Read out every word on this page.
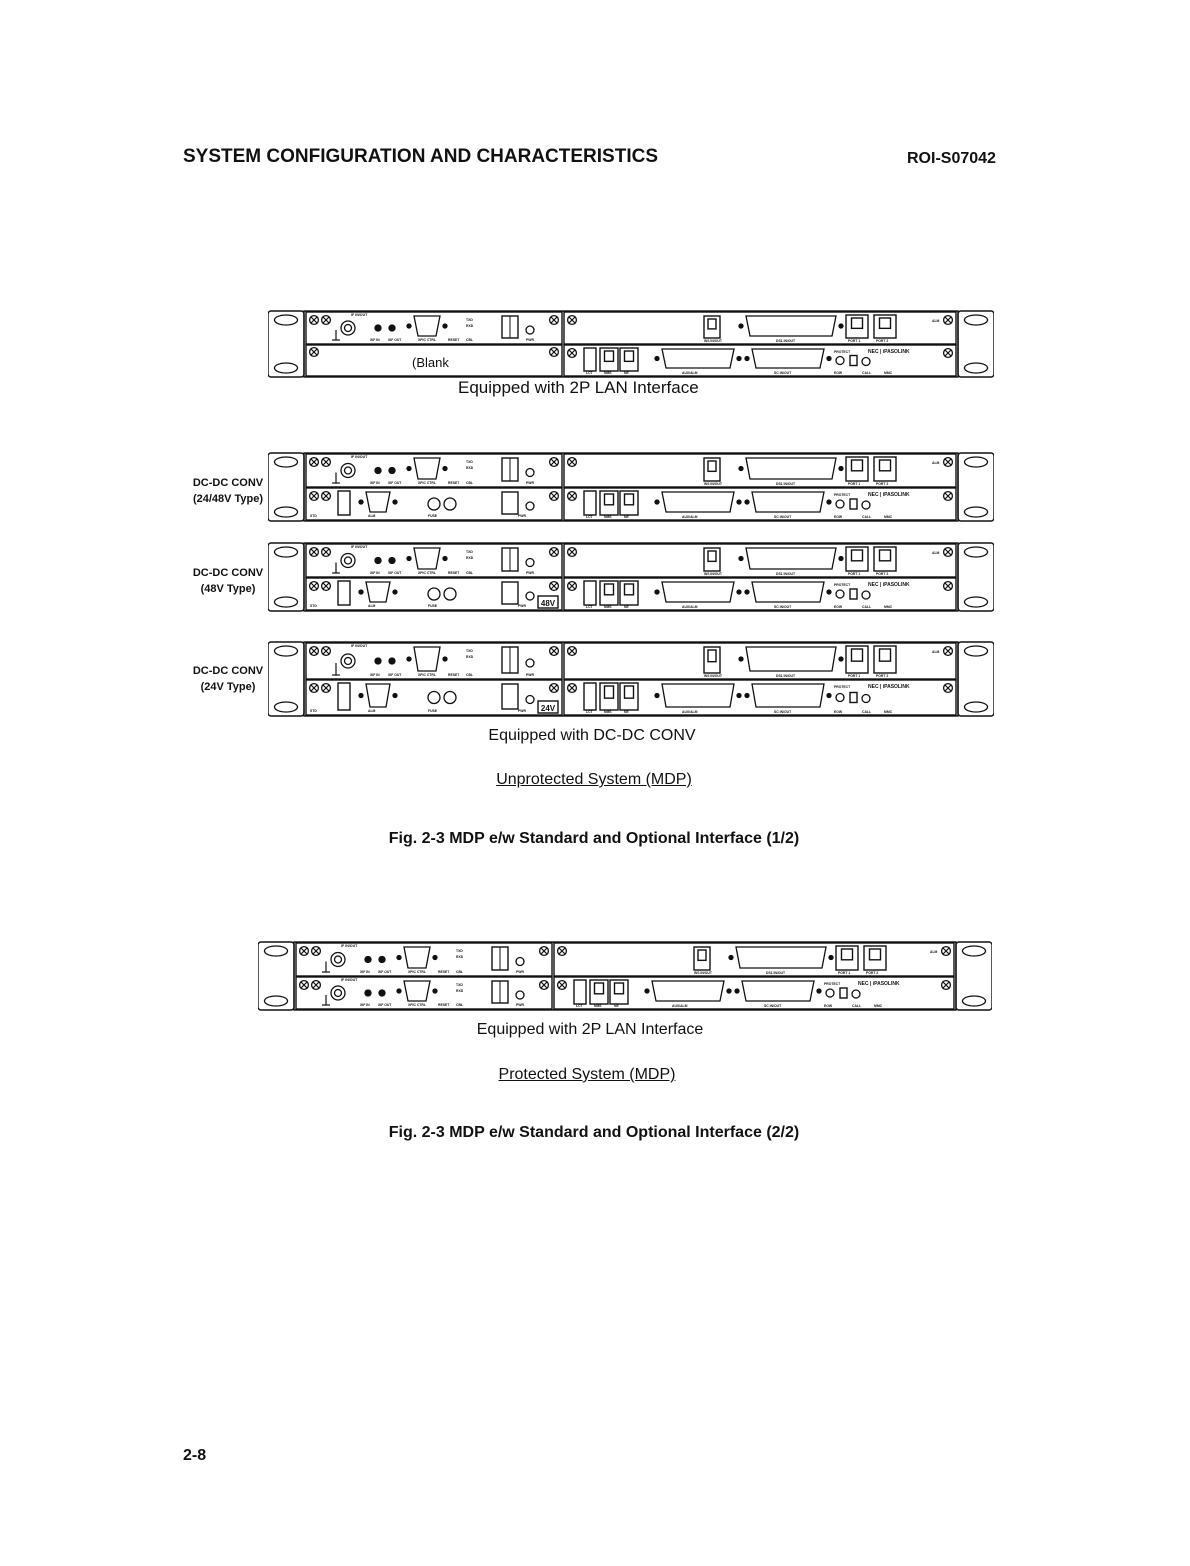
SYSTEM CONFIGURATION AND CHARACTERISTICS	ROI-S07042
IF IN/OUT
XIF IN XIF OUT	XPIC CTRL	RESET
TXD
RXD
CBL	PWR	WS IN/OUT	DS1 IN/OUT	PORT 1	PORT 2
ALM
LCT	NMS	NE	AUX/ALM	SC IN/OUT
PROTECT	NEC | iPASOLINK
EOW	CALL	MMC
(Blank
Equipped with 2P LAN Interface
DC-DC CONV
(24/48V Type)
IF IN/OUT
XIF IN XIF OUT	XPIC CTRL	RESET
TXD
RXD
CBL	PWR
STD	ALM	FUSE	PWR
WS IN/OUT	DS1 IN/OUT	PORT 1	PORT 2
ALM
LCT	NMS	NE	AUX/ALM	SC IN/OUT
PROTECT	NEC | iPASOLINK
EOW	CALL	MMC
DC-DC CONV
(48V Type)
IF IN/OUT
XIF IN XIF OUT	XPIC CTRL	RESET
TXD
RXD
CBL	PWR
STD	ALM	FUSE	PWR 48V
WS IN/OUT	DS1 IN/OUT	PORT 1	PORT 2
ALM
LCT	NMS	NE	AUX/ALM	SC IN/OUT
PROTECT	NEC | iPASOLINK
EOW	CALL	MMC
DC-DC CONV
(24V Type)
IF IN/OUT
XIF IN XIF OUT	XPIC CTRL	RESET
TXD
RXD
CBL	PWR
STD	ALM	FUSE	PWR 24V
WS IN/OUT	DS1 IN/OUT	PORT 1	PORT 2
ALM
LCT	NMS	NE	AUX/ALM	SC IN/OUT
PROTECT	NEC | iPASOLINK
EOW	CALL	MMC
Equipped with DC-DC CONV
Unprotected System (MDP)
Fig. 2-3 MDP e/w Standard and Optional Interface (1/2)
IF IN/OUT
XIF IN XIF OUT	XPIC CTRL	RESET
TXD
RXD
CBL	PWR
IF IN/OUT
XIF IN XIF OUT	XPIC CTRL	RESET
TXD
RXD
CBL	PWR
WS IN/OUT	DS1 IN/OUT	PORT 1	PORT 2
ALM
LCT	NMS	NE	AUX/ALM	SC IN/OUT
PROTECT	NEC | iPASOLINK
EOW	CALL	MMC
Equipped with 2P LAN Interface
Protected System (MDP)
Fig. 2-3 MDP e/w Standard and Optional Interface (2/2)
2-8
